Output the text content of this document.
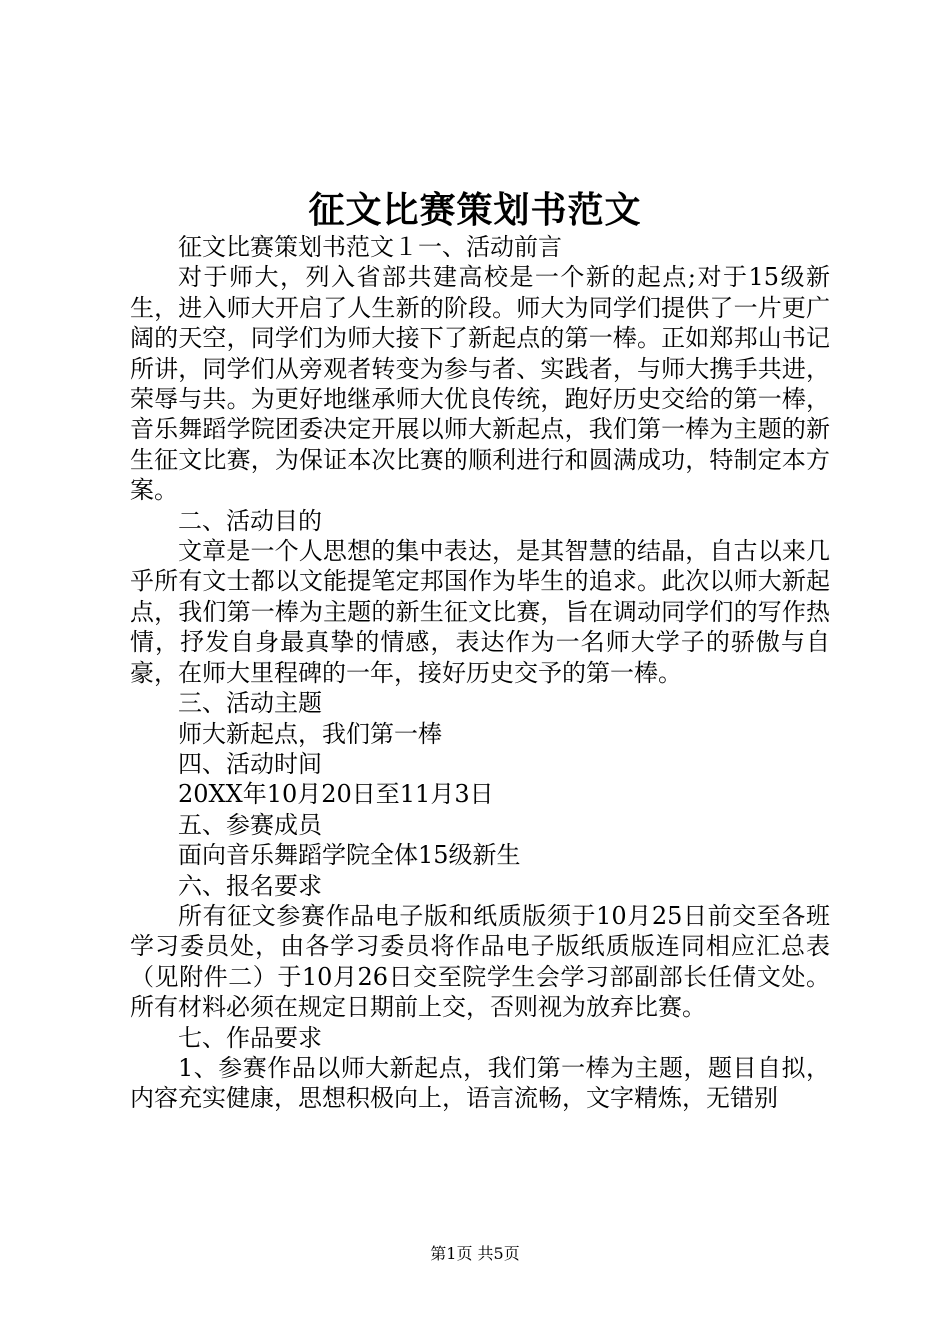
征文比赛策划书范文

征文比赛策划书范文１一、活动前言

对于师大，列入省部共建高校是一个新的起点;对于15级新生，进入师大开启了人生新的阶段。师大为同学们提供了一片更广阔的天空，同学们为师大接下了新起点的第一棒。正如郑邦山书记所讲，同学们从旁观者转变为参与者、实践者，与师大携手共进，荣辱与共。为更好地继承师大优良传统，跑好历史交给的第一棒，音乐舞蹈学院团委决定开展以师大新起点，我们第一棒为主题的新生征文比赛，为保证本次比赛的顺利进行和圆满成功，特制定本方案。

二、活动目的

文章是一个人思想的集中表达，是其智慧的结晶，自古以来几乎所有文士都以文能提笔定邦国作为毕生的追求。此次以师大新起点，我们第一棒为主题的新生征文比赛，旨在调动同学们的写作热情，抒发自身最真挚的情感，表达作为一名师大学子的骄傲与自豪，在师大里程碑的一年，接好历史交予的第一棒。

三、活动主题

师大新起点，我们第一棒

四、活动时间

20XX年10月20日至11月3日

五、参赛成员

面向音乐舞蹈学院全体15级新生

六、报名要求

所有征文参赛作品电子版和纸质版须于10月25日前交至各班学习委员处，由各学习委员将作品电子版纸质版连同相应汇总表（见附件二）于10月26日交至院学生会学习部副部长任倩文处。所有材料必须在规定日期前上交，否则视为放弃比赛。

七、作品要求

1、参赛作品以师大新起点，我们第一棒为主题，题目自拟，内容充实健康，思想积极向上，语言流畅，文字精炼，无错别

第1页 共5页
